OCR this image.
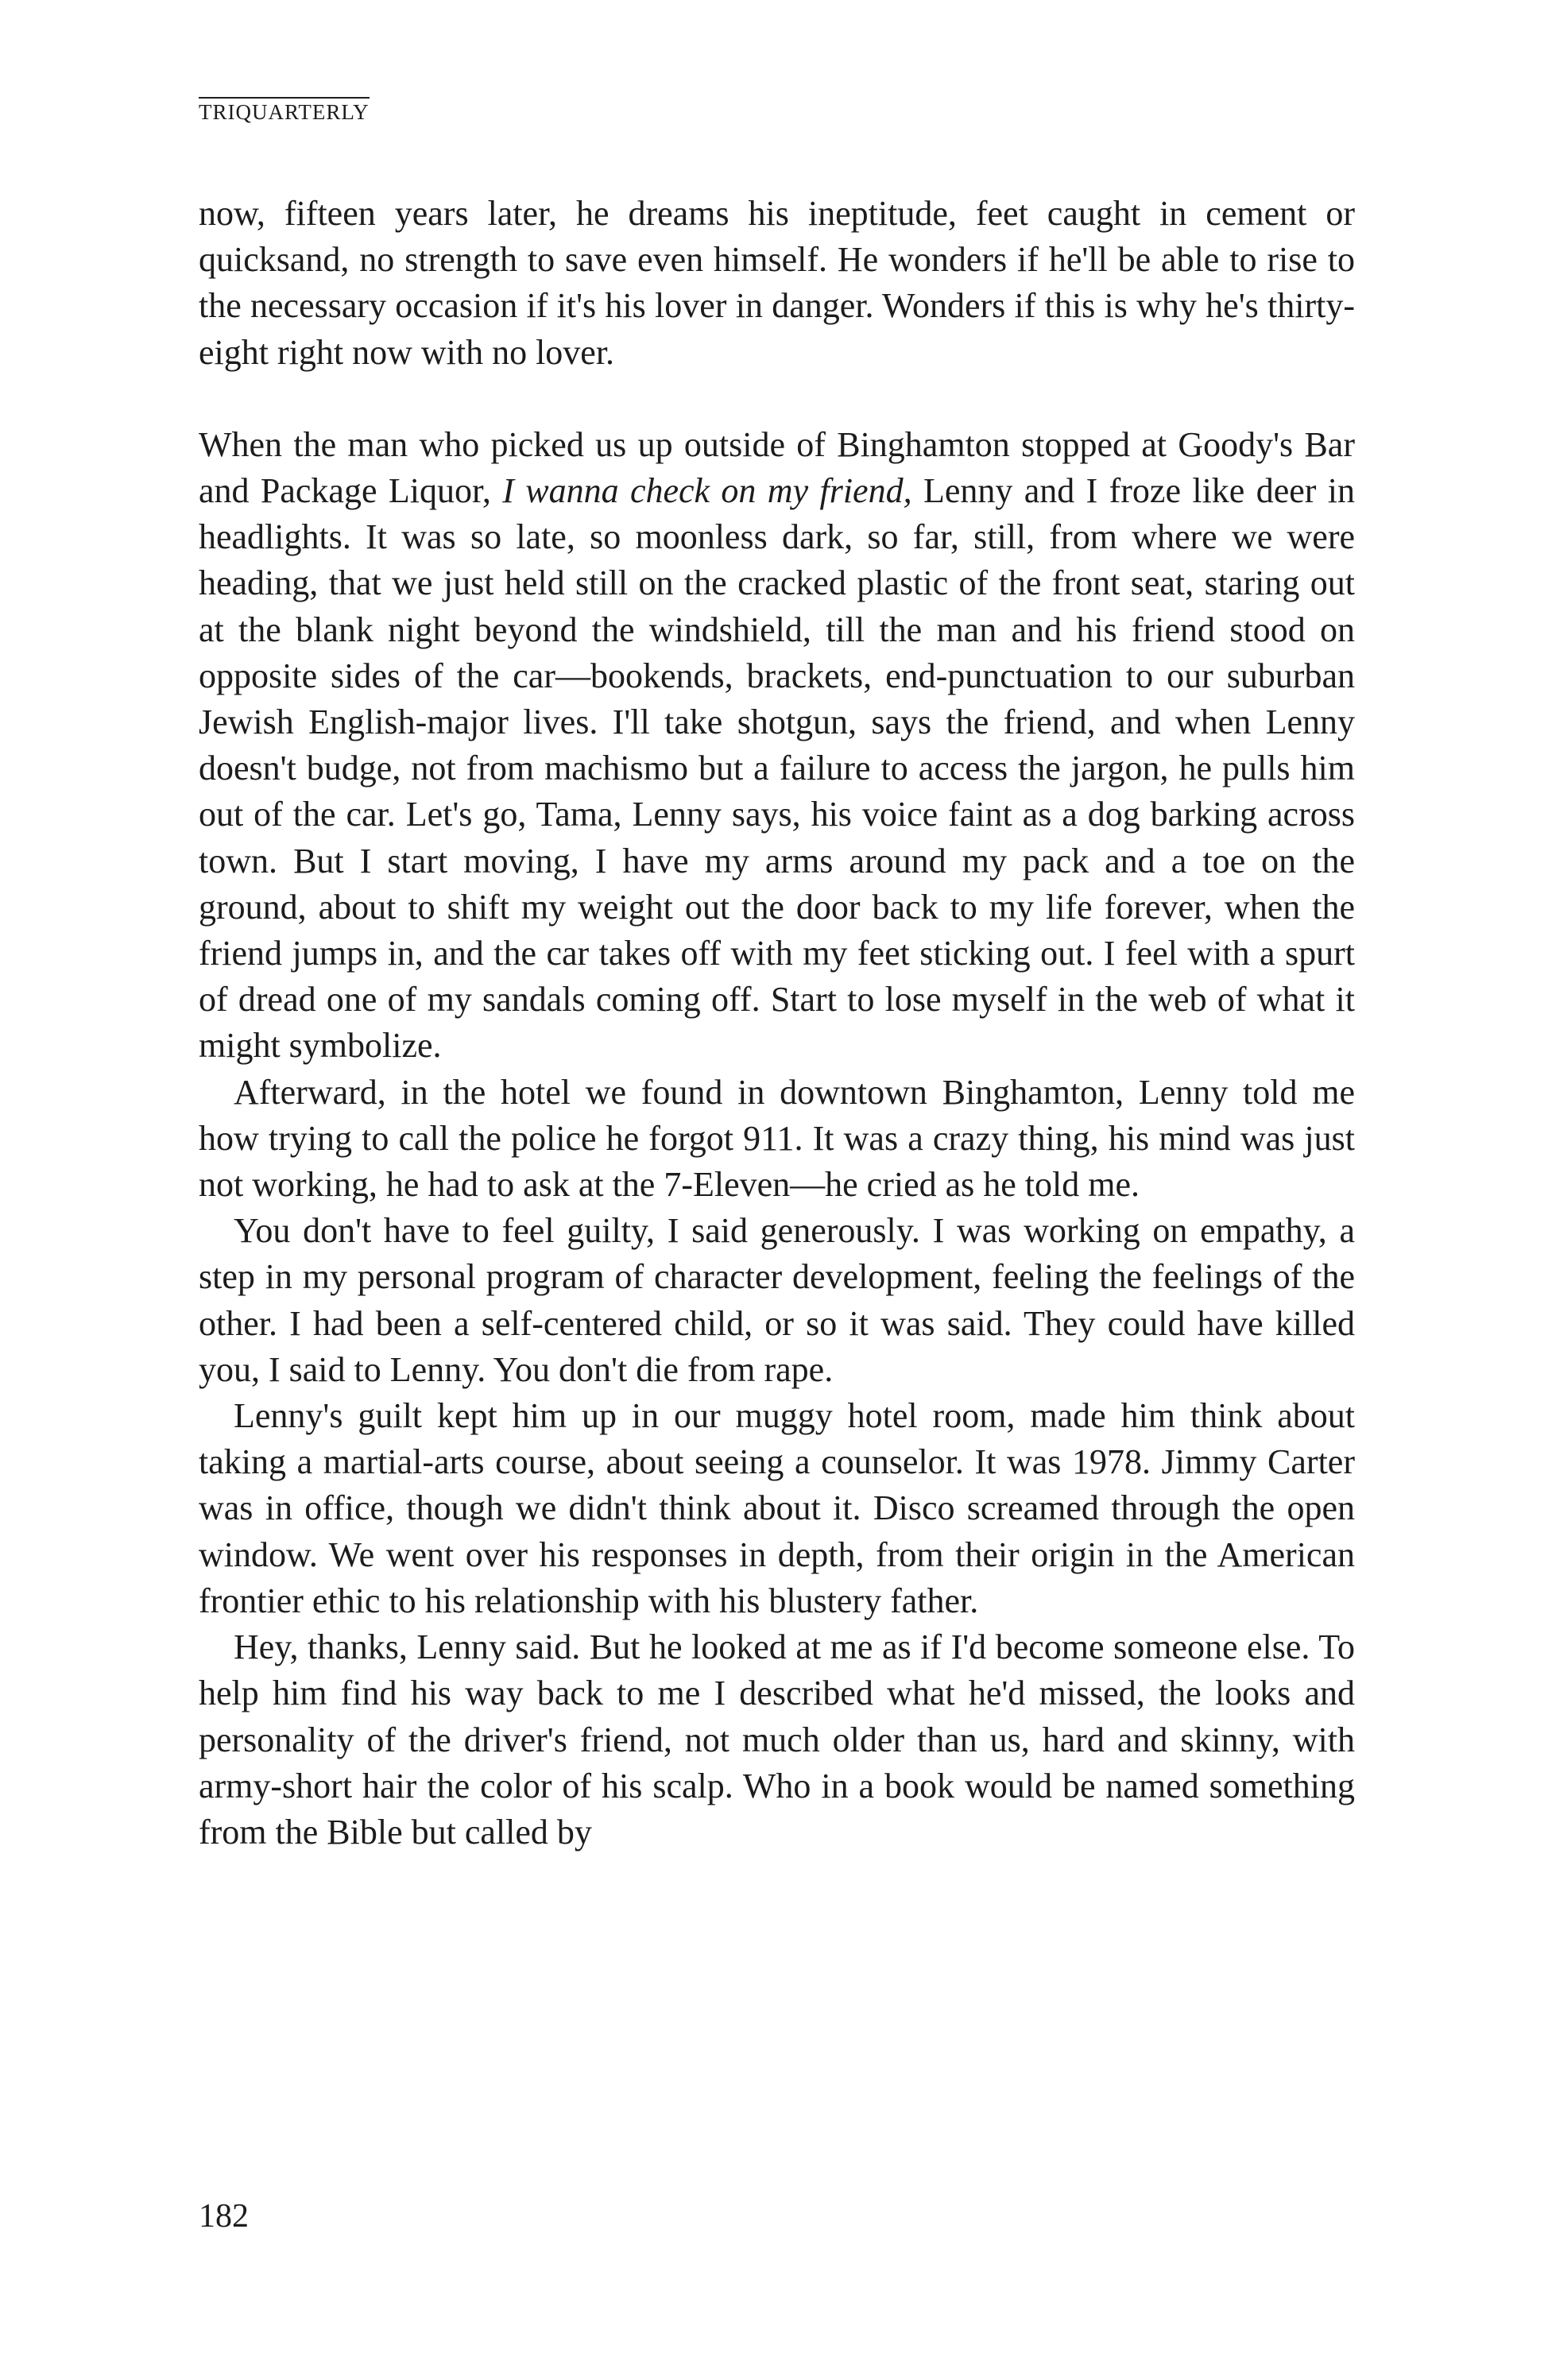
TRIQUARTERLY

now, fifteen years later, he dreams his ineptitude, feet caught in cement or quicksand, no strength to save even himself. He wonders if he'll be able to rise to the necessary occasion if it's his lover in danger. Wonders if this is why he's thirty-eight right now with no lover.

When the man who picked us up outside of Binghamton stopped at Goody's Bar and Package Liquor, I wanna check on my friend, Lenny and I froze like deer in headlights. It was so late, so moonless dark, so far, still, from where we were heading, that we just held still on the cracked plastic of the front seat, staring out at the blank night beyond the windshield, till the man and his friend stood on opposite sides of the car—bookends, brackets, end-punctuation to our suburban Jewish English-major lives. I'll take shotgun, says the friend, and when Lenny doesn't budge, not from machismo but a failure to access the jargon, he pulls him out of the car. Let's go, Tama, Lenny says, his voice faint as a dog barking across town. But I start moving, I have my arms around my pack and a toe on the ground, about to shift my weight out the door back to my life forever, when the friend jumps in, and the car takes off with my feet sticking out. I feel with a spurt of dread one of my sandals coming off. Start to lose myself in the web of what it might symbolize.

Afterward, in the hotel we found in downtown Binghamton, Lenny told me how trying to call the police he forgot 911. It was a crazy thing, his mind was just not working, he had to ask at the 7-Eleven—he cried as he told me.

You don't have to feel guilty, I said generously. I was working on empathy, a step in my personal program of character development, feeling the feelings of the other. I had been a self-centered child, or so it was said. They could have killed you, I said to Lenny. You don't die from rape.

Lenny's guilt kept him up in our muggy hotel room, made him think about taking a martial-arts course, about seeing a counselor. It was 1978. Jimmy Carter was in office, though we didn't think about it. Disco screamed through the open window. We went over his responses in depth, from their origin in the American frontier ethic to his relationship with his blustery father.

Hey, thanks, Lenny said. But he looked at me as if I'd become someone else. To help him find his way back to me I described what he'd missed, the looks and personality of the driver's friend, not much older than us, hard and skinny, with army-short hair the color of his scalp. Who in a book would be named something from the Bible but called by

182
